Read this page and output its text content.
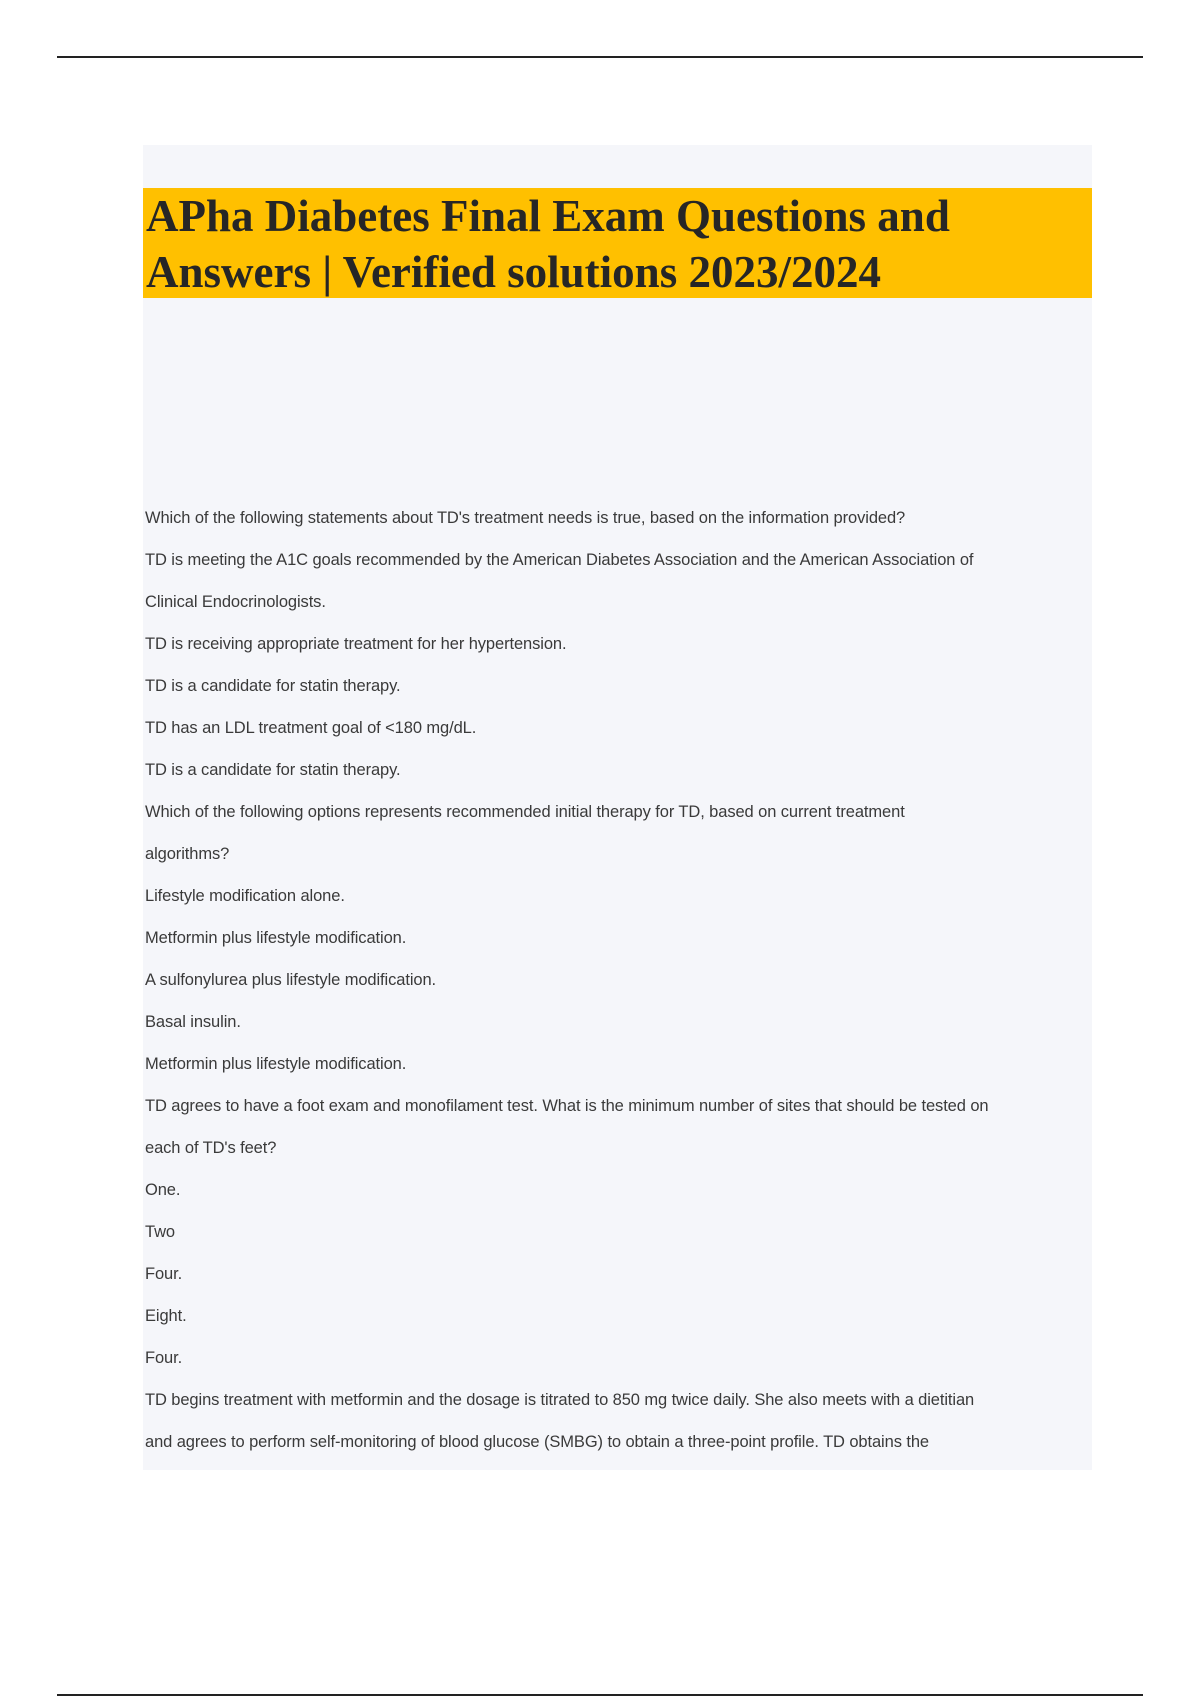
APha Diabetes Final Exam Questions and
Answers | Verified solutions 2023/2024

Which of the following statements about TD's treatment needs is true, based on the information provided?

TD is meeting the A1C goals recommended by the American Diabetes Association and the American Association of

Clinical Endocrinologists.

TD is receiving appropriate treatment for her hypertension.

TD is a candidate for statin therapy.

TD has an LDL treatment goal of <180 mg/dL.

TD is a candidate for statin therapy.

Which of the following options represents recommended initial therapy for TD, based on current treatment

algorithms?

Lifestyle modification alone.

Metformin plus lifestyle modification.

A sulfonylurea plus lifestyle modification.

Basal insulin.

Metformin plus lifestyle modification.

TD agrees to have a foot exam and monofilament test. What is the minimum number of sites that should be tested on

each of TD's feet?

One.

Two

Four.

Eight.

Four.

TD begins treatment with metformin and the dosage is titrated to 850 mg twice daily. She also meets with a dietitian

and agrees to perform self-monitoring of blood glucose (SMBG) to obtain a three-point profile. TD obtains the
